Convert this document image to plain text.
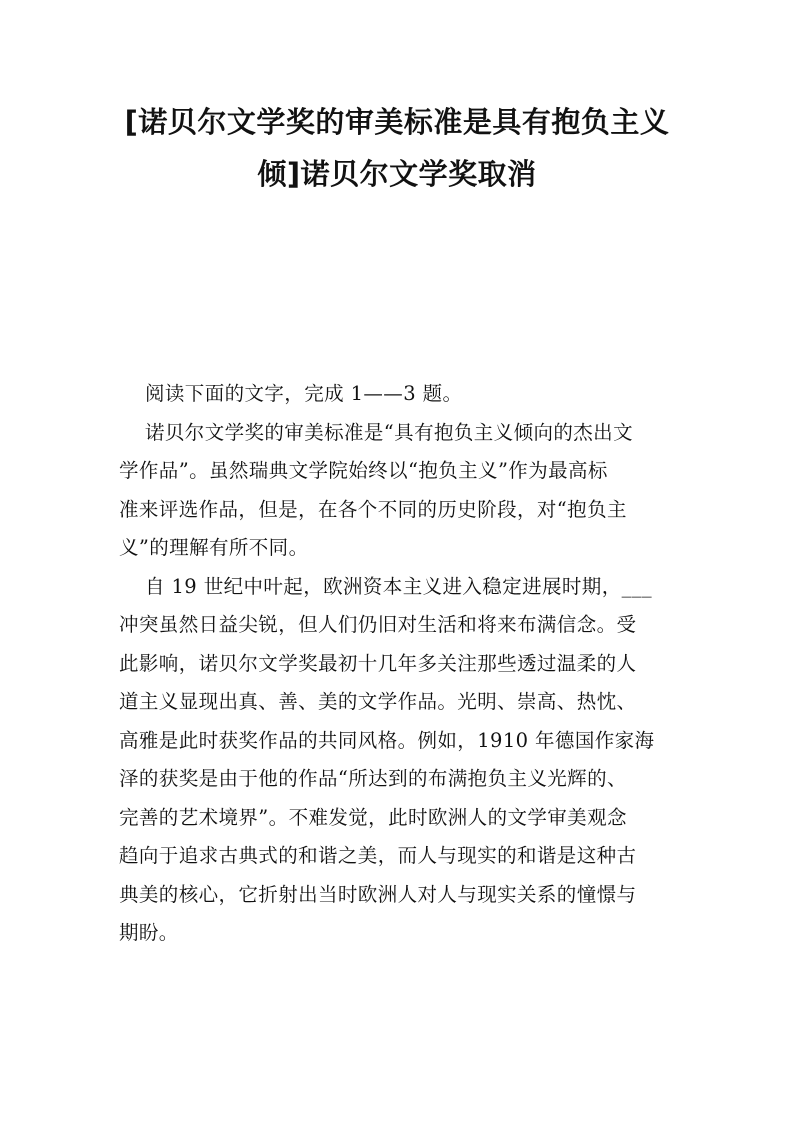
[诺贝尔文学奖的审美标准是具有抱负主义
倾]诺贝尔文学奖取消

阅读下面的文字，完成 1——3 题。

诺贝尔文学奖的审美标准是“具有抱负主义倾向的杰出文
学作品”。虽然瑞典文学院始终以“抱负主义”作为最高标
准来评选作品，但是，在各个不同的历史阶段，对“抱负主
义”的理解有所不同。

自 19 世纪中叶起，欧洲资本主义进入稳定进展时期，___
冲突虽然日益尖锐，但人们仍旧对生活和将来布满信念。受
此影响，诺贝尔文学奖最初十几年多关注那些透过温柔的人
道主义显现出真、善、美的文学作品。光明、崇高、热忱、
高雅是此时获奖作品的共同风格。例如，1910 年德国作家海
泽的获奖是由于他的作品“所达到的布满抱负主义光辉的、
完善的艺术境界”。不难发觉，此时欧洲人的文学审美观念
趋向于追求古典式的和谐之美，而人与现实的和谐是这种古
典美的核心，它折射出当时欧洲人对人与现实关系的憧憬与
期盼。
